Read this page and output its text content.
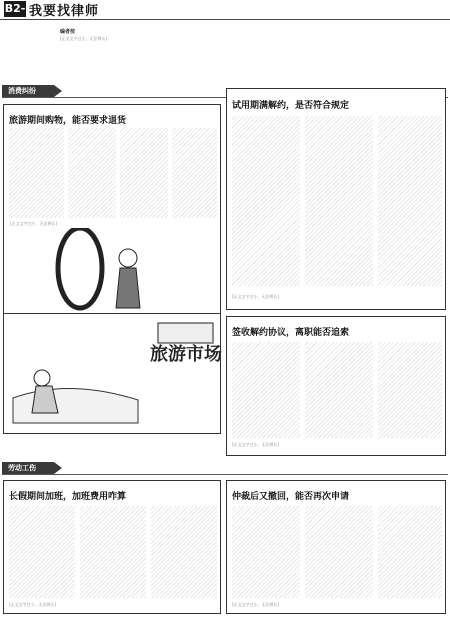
B2-3
我要找律师
编者按
[正文文字过小，无法辨认]
消费纠纷
旅游期间购物，能否要求退货
[正文文字过小，无法辨认]
旅游市场
试用期满解约，是否符合规定
[正文文字过小，无法辨认]
签收解约协议，离职能否追索
[正文文字过小，无法辨认]
劳动工伤
长假期间加班，加班费用咋算
[正文文字过小，无法辨认]
仲裁后又撤回，能否再次申请
[正文文字过小，无法辨认]
